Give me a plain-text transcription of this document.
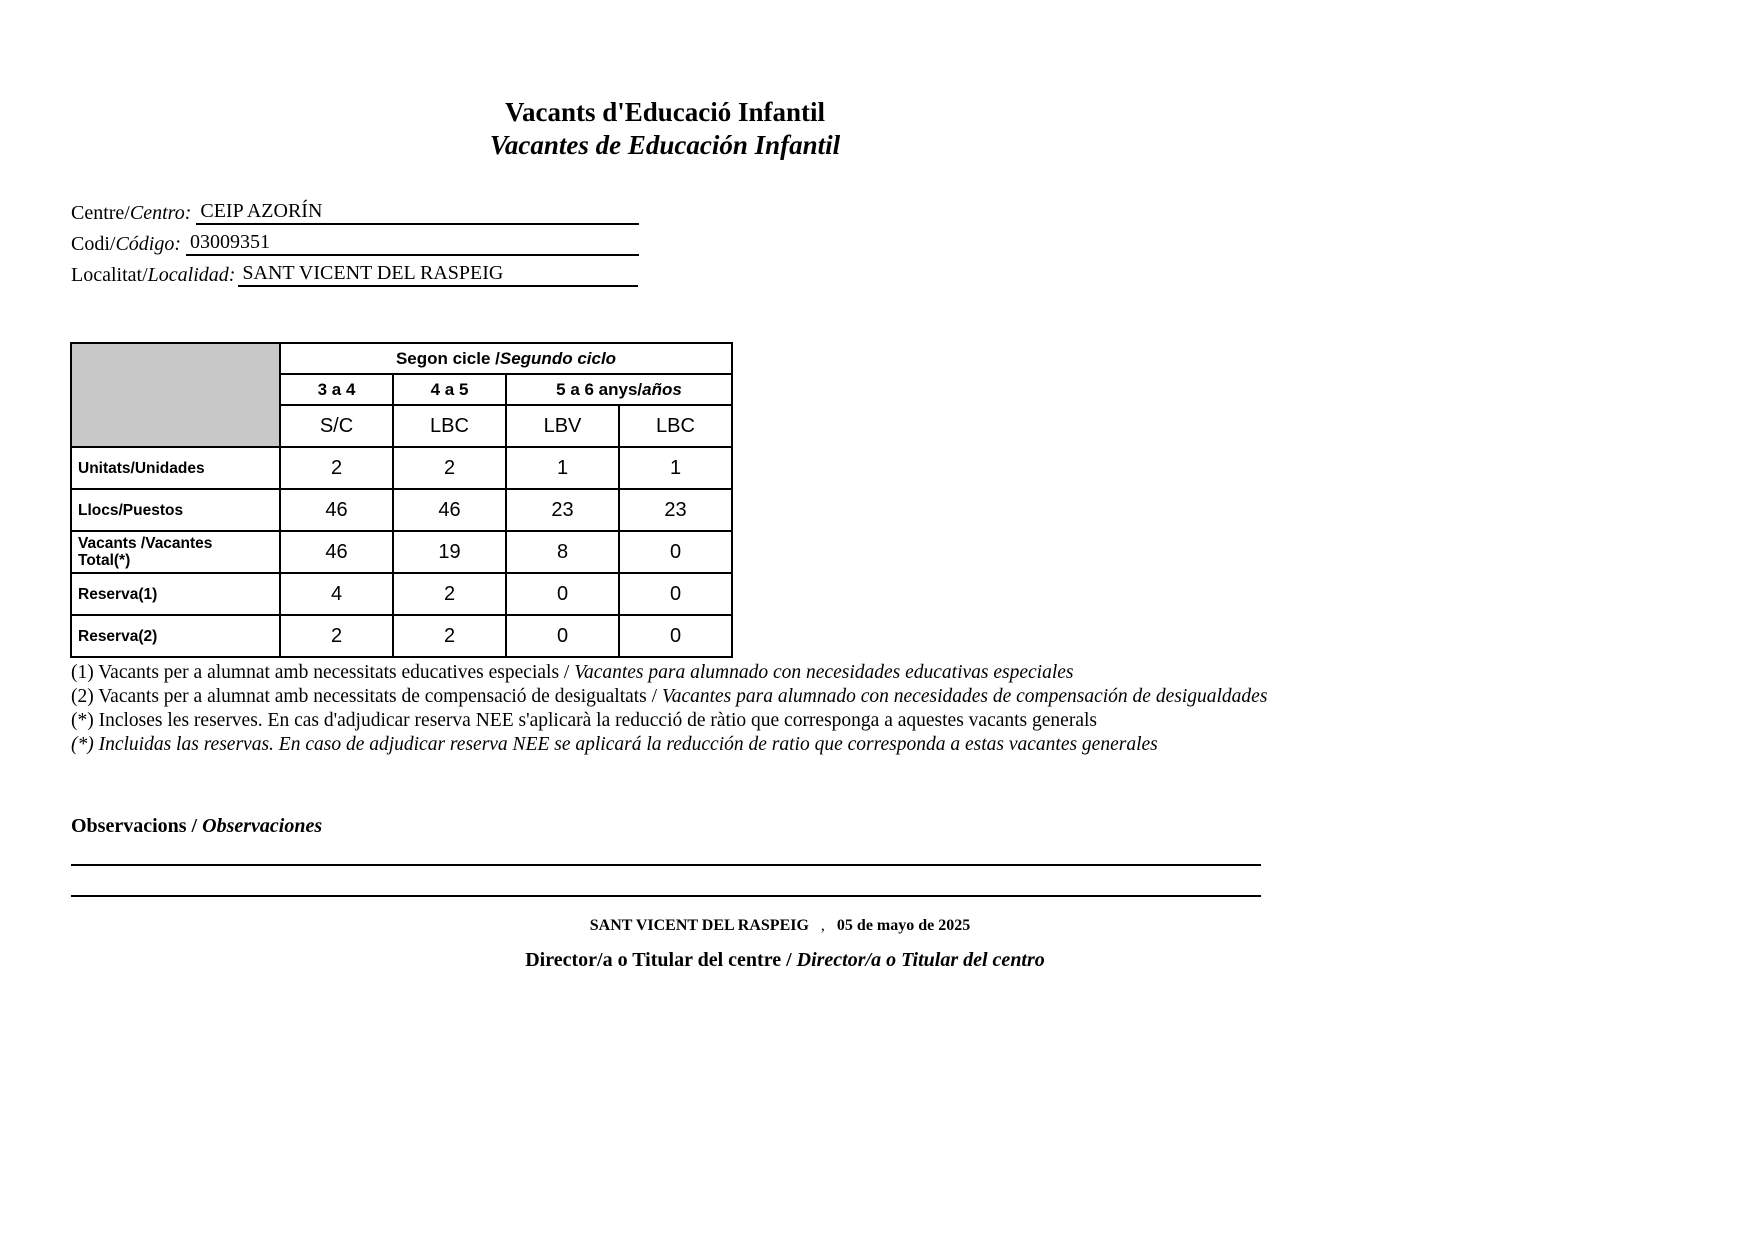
Vacants d'Educació Infantil
Vacantes de Educación Infantil
Centre/Centro: CEIP AZORÍN
Codi/Código: 03009351
Localitat/Localidad: SANT VICENT DEL RASPEIG
	Segon cicle /Segundo ciclo			
	3 a 4	4 a 5	5 a 6 anys/años	
	S/C	LBC	LBV	LBC
Unitats/Unidades	2	2	1	1
Llocs/Puestos	46	46	23	23
Vacants /Vacantes
Total(*)	46	19	8	0
Reserva(1)	4	2	0	0
Reserva(2)	2	2	0	0
(1) Vacants per a alumnat amb necessitats educatives especials / Vacantes para alumnado con necesidades educativas especiales
(2) Vacants per a alumnat amb necessitats de compensació de desigualtats / Vacantes para alumnado con necesidades de compensación de desigualdades
(*) Incloses les reserves. En cas d'adjudicar reserva NEE s'aplicarà la reducció de ràtio que corresponga a aquestes vacants generals
(*) Incluidas las reservas. En caso de adjudicar reserva NEE se aplicará la reducción de ratio que corresponda a estas vacantes generales
Observacions / Observaciones
SANT VICENT DEL RASPEIG , 05 de mayo de 2025
Director/a o Titular del centre / Director/a o Titular del centro
